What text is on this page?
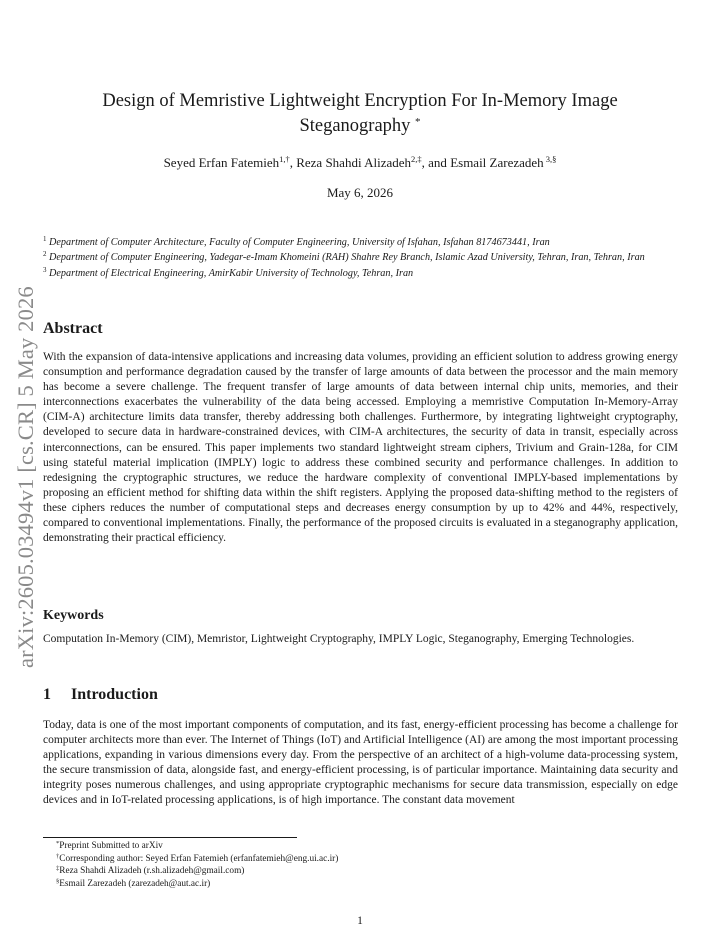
arXiv:2605.03494v1 [cs.CR] 5 May 2026
Design of Memristive Lightweight Encryption For In-Memory Image
Steganography *
Seyed Erfan Fatemieh$^{1,\dagger}$, Reza Shahdi Alizadeh$^{2,\ddagger}$, and Esmail Zarezadeh $^{3,\S}$
May 6, 2026

$^1$ Department of Computer Architecture, Faculty of Computer Engineering, University of Isfahan, Isfahan 8174673441, Iran

$^2$ Department of Computer Engineering, Yadegar-e-Imam Khomeini (RAH) Shahre Rey Branch, Islamic Azad University, Tehran, Iran, Tehran, Iran

$^3$ Department of Electrical Engineering, AmirKabir University of Technology, Tehran, Iran

Abstract

With the expansion of data-intensive applications and increasing data volumes, providing an efficient solution to address growing energy consumption and performance degradation caused by the transfer of large amounts of data between the processor and the main memory has become a severe challenge. The frequent transfer of large amounts of data between internal chip units, memories, and their interconnections exacerbates the vulnerability of the data being accessed. Employing a memristive Computation In-Memory-Array (CIM-A) architecture limits data transfer, thereby addressing both challenges. Furthermore, by integrating lightweight cryptography, developed to secure data in hardware-constrained devices, with CIM-A architectures, the security of data in transit, especially across interconnections, can be ensured. This paper implements two standard lightweight stream ciphers, Trivium and Grain-128a, for CIM using stateful material implication (IMPLY) logic to address these combined security and performance challenges. In addition to redesigning the cryptographic structures, we reduce the hardware complexity of conventional IMPLY-based implementations by proposing an efficient method for shifting data within the shift registers. Applying the proposed data-shifting method to the registers of these ciphers reduces the number of computational steps and decreases energy consumption by up to 42% and 44%, respectively, compared to conventional implementations. Finally, the performance of the proposed circuits is evaluated in a steganography application, demonstrating their practical efficiency.

Keywords

Computation In-Memory (CIM), Memristor, Lightweight Cryptography, IMPLY Logic, Steganography, Emerging Technologies.

1 Introduction

Today, data is one of the most important components of computation, and its fast, energy-efficient processing has become a challenge for computer architects more than ever. The Internet of Things (IoT) and Artificial Intelligence (AI) are among the most important processing applications, expanding in various dimensions every day. From the perspective of an architect of a high-volume data-processing system, the secure transmission of data, alongside fast, and energy-efficient processing, is of particular importance. Maintaining data security and integrity poses numerous challenges, and using appropriate cryptographic mechanisms for secure data transmission, especially on edge devices and in IoT-related processing applications, is of high importance. The constant data movement

*Preprint Submitted to arXiv
†Corresponding author: Seyed Erfan Fatemieh (erfanfatemieh@eng.ui.ac.ir)
‡Reza Shahdi Alizadeh (r.sh.alizadeh@gmail.com)
§Esmail Zarezadeh (zarezadeh@aut.ac.ir)
1
